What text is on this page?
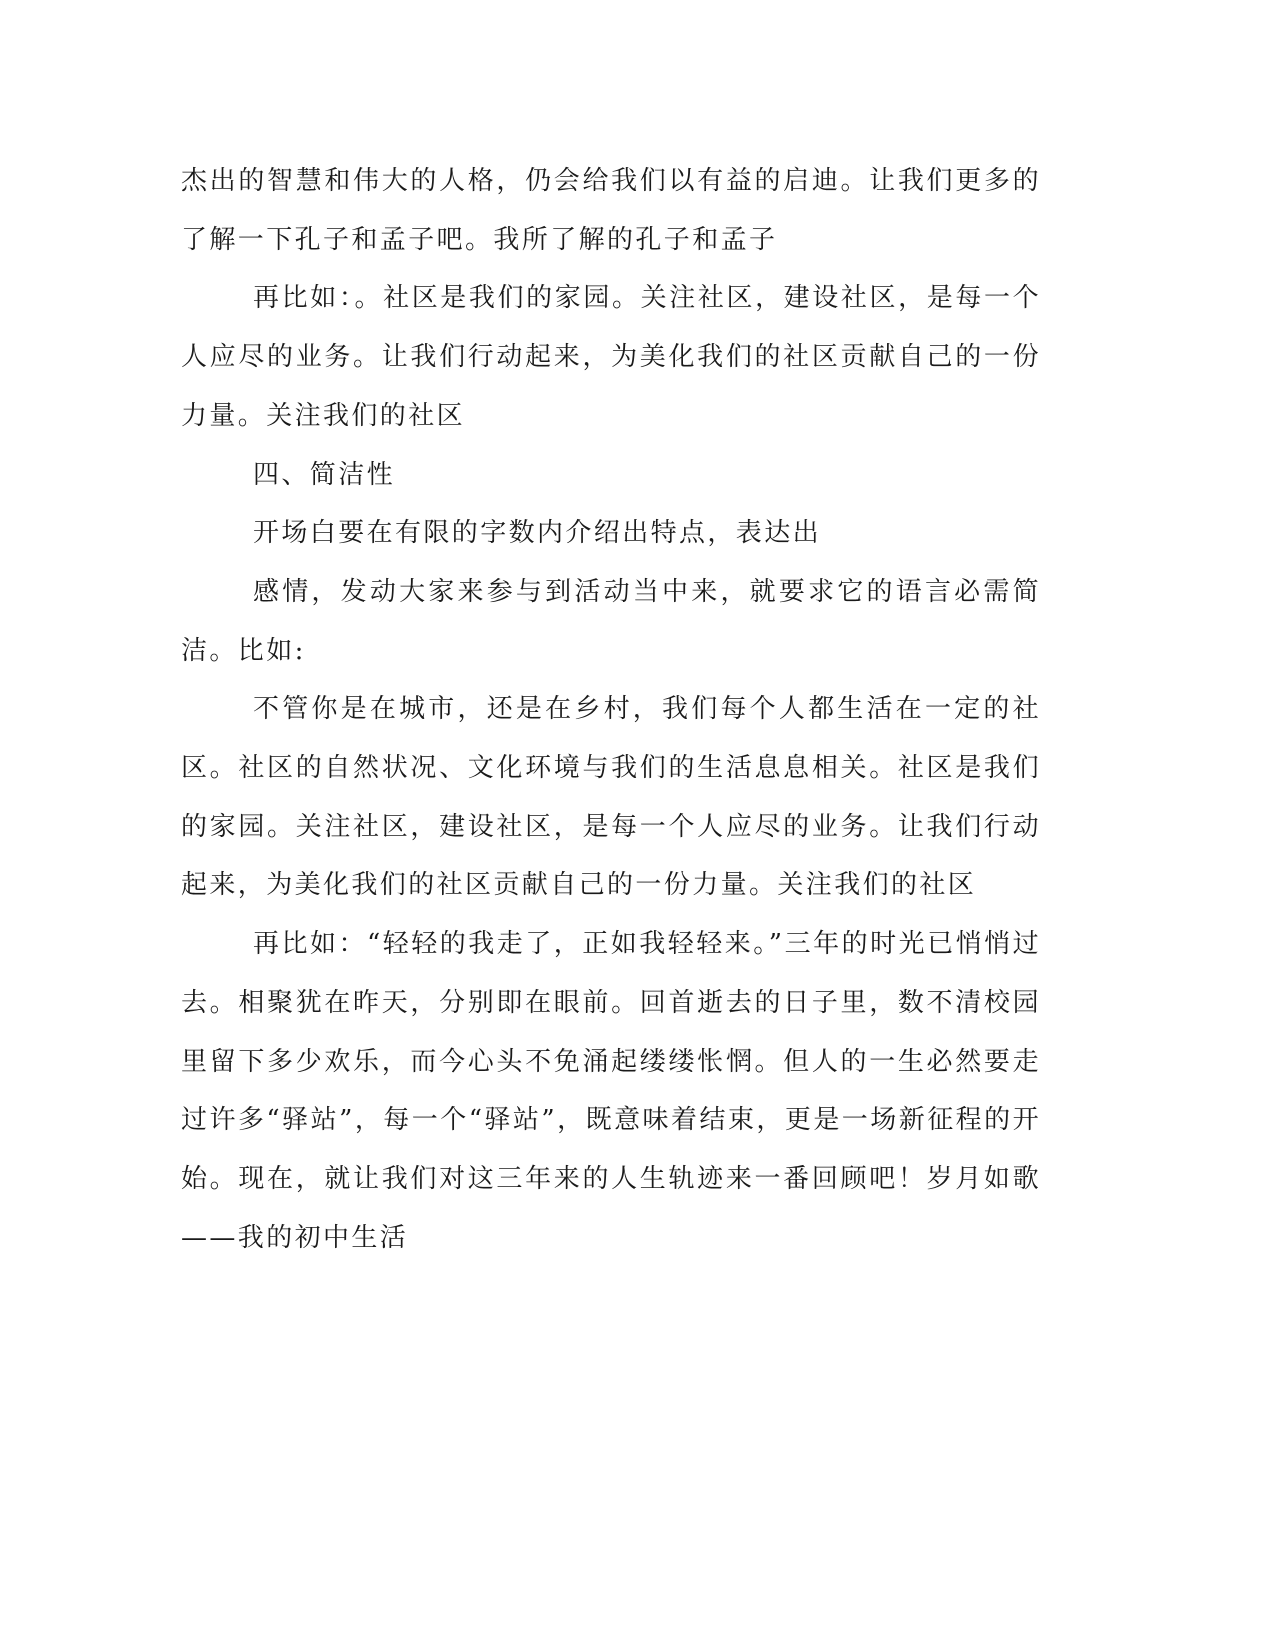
杰出的智慧和伟大的人格，仍会给我们以有益的启迪。让我们更多的了解一下孔子和孟子吧。我所了解的孔子和孟子

再比如：。社区是我们的家园。关注社区，建设社区，是每一个人应尽的业务。让我们行动起来，为美化我们的社区贡献自己的一份力量。关注我们的社区

四、简洁性

开场白要在有限的字数内介绍出特点，表达出

感情，发动大家来参与到活动当中来，就要求它的语言必需简洁。比如:

不管你是在城市，还是在乡村，我们每个人都生活在一定的社区。社区的自然状况、文化环境与我们的生活息息相关。社区是我们的家园。关注社区，建设社区，是每一个人应尽的业务。让我们行动起来，为美化我们的社区贡献自己的一份力量。关注我们的社区

再比如：“轻轻的我走了，正如我轻轻来。”三年的时光已悄悄过去。相聚犹在昨天，分别即在眼前。回首逝去的日子里，数不清校园里留下多少欢乐，而今心头不免涌起缕缕怅惘。但人的一生必然要走过许多“驿站”，每一个“驿站”，既意味着结束，更是一场新征程的开始。现在，就让我们对这三年来的人生轨迹来一番回顾吧！岁月如歌——我的初中生活
